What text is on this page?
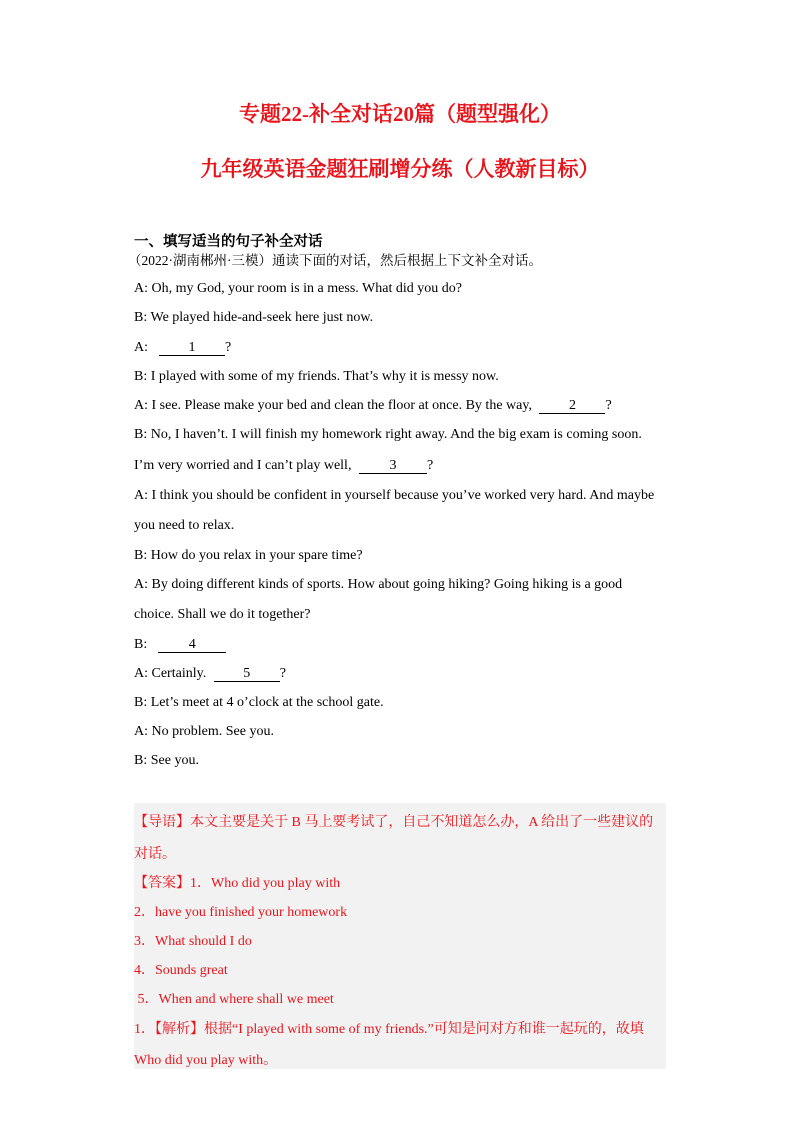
专题22-补全对话20篇（题型强化）
九年级英语金题狂刷增分练（人教新目标）
一、填写适当的句子补全对话
（2022·湖南郴州·三模）通读下面的对话，然后根据上下文补全对话。
A: Oh, my God, your room is in a mess. What did you do?
B: We played hide-and-seek here just now.
A:  1 ?
B: I played with some of my friends. That’s why it is messy now.
A: I see. Please make your bed and clean the floor at once. By the way, 2 ?
B: No, I haven’t. I will finish my homework right away. And the big exam is coming soon.
I’m very worried and I can’t play well, 3 ?
A: I think you should be confident in yourself because you’ve worked very hard. And maybe
you need to relax.
B: How do you relax in your spare time?
A: By doing different kinds of sports. How about going hiking? Going hiking is a good
choice. Shall we do it together?
B:  4
A: Certainly. 5 ?
B: Let’s meet at 4 o’clock at the school gate.
A: No problem. See you.
B: See you.
【导语】本文主要是关于 B 马上要考试了，自己不知道怎么办，A 给出了一些建议的
对话。
【答案】1．Who did you play with
2．have you finished your homework
3．What should I do
4．Sounds great
5．When and where shall we meet
1．【解析】根据“I played with some of my friends.”可知是问对方和谁一起玩的，故填
Who did you play with。
